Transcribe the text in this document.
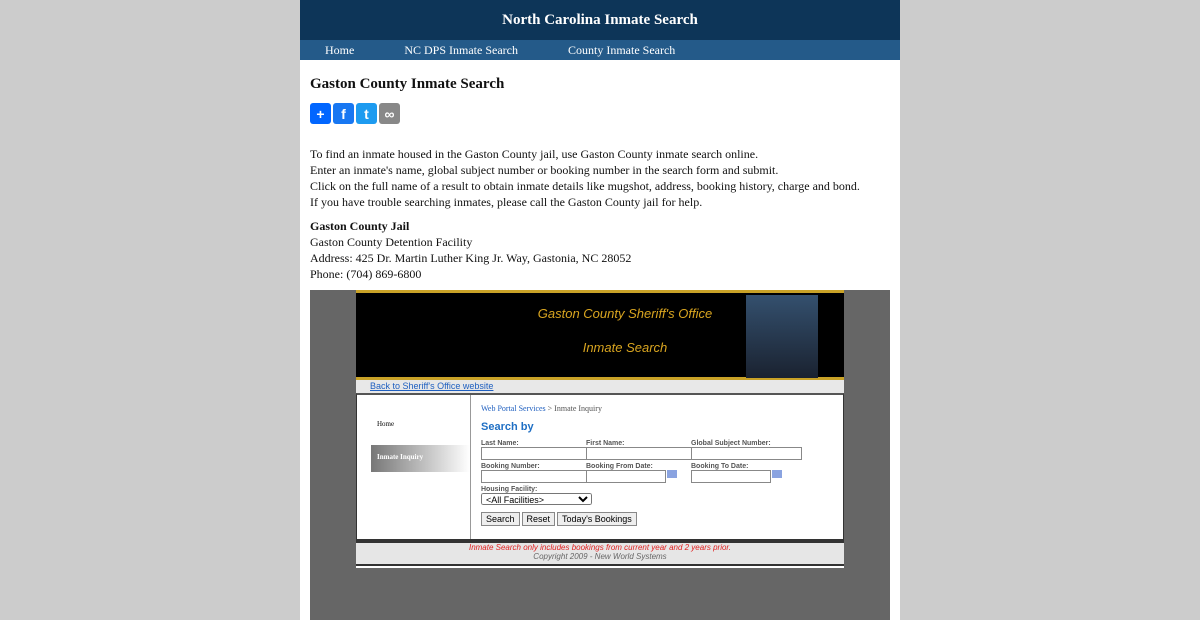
North Carolina Inmate Search
Home	NC DPS Inmate Search	County Inmate Search
Gaston County Inmate Search
+	f	t	∞
To find an inmate housed in the Gaston County jail, use Gaston County inmate search online.
Enter an inmate's name, global subject number or booking number in the search form and submit.
Click on the full name of a result to obtain inmate details like mugshot, address, booking history, charge and bond.
If you have trouble searching inmates, please call the Gaston County jail for help.
Gaston County Jail
Gaston County Detention Facility
Address: 425 Dr. Martin Luther King Jr. Way, Gastonia, NC 28052
Phone: (704) 869-6800
Gaston County Sheriff's Office
Inmate Search
Back to Sheriff's Office website
Home
Inmate Inquiry
Web Portal Services > Inmate Inquiry
Search by
Last Name:	First Name:	Global Subject Number:
Booking Number:	Booking From Date:	Booking To Date:
Housing Facility:
<All Facilities>
Search	Reset	Today's Bookings
Inmate Search only includes bookings from current year and 2 years prior.
Copyright 2009 - New World Systems
